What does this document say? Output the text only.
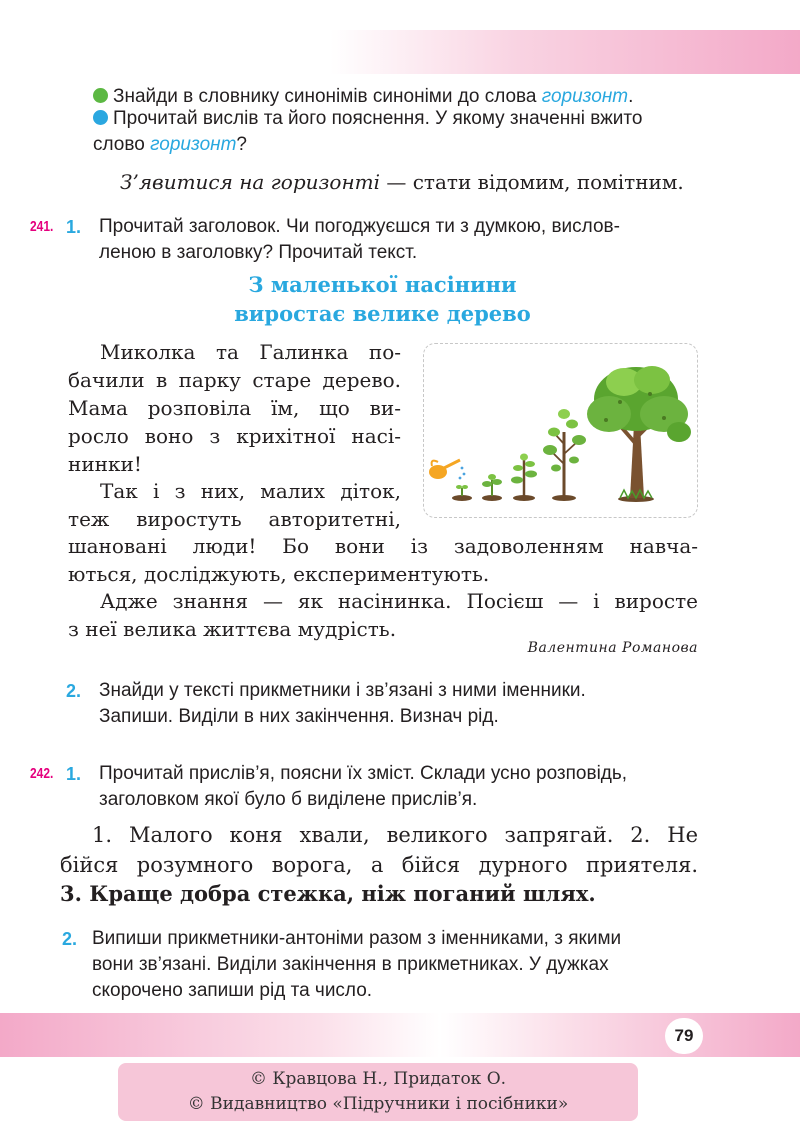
Знайди в словнику синонімів синоніми до слова горизонт.
Прочитай вислів та його пояснення. У якому значенні вжито
слово горизонт?
З’явитися на горизонті — стати відомим, помітним.
241. 1. Прочитай заголовок. Чи погоджуєшся ти з думкою, вислов-
леною в заголовку? Прочитай текст.
З маленької насінини
виростає велике дерево
Миколка та Галинка по-
бачили в парку старе дерево.
Мама розповіла їм, що ви-
росло воно з крихітної насі-
нинки!
Так і з них, малих діток,
теж виростуть авторитетні,
шановані люди! Бо вони із задоволенням навча-
ються, досліджують, експериментують.
Адже знання — як насінинка. Посієш — і виросте
з неї велика життєва мудрість.
Валентина Романова
2. Знайди у тексті прикметники і зв’язані з ними іменники.
Запиши. Виділи в них закінчення. Визнач рід.
242. 1. Прочитай прислів’я, поясни їх зміст. Склади усно розповідь,
заголовком якої було б виділене прислів’я.
1. Малого коня хвали, великого запрягай. 2. Не
бійся розумного ворога, а бійся дурного приятеля.
3. Краще добра стежка, ніж поганий шлях.
2. Випиши прикметники-антоніми разом з іменниками, з якими
вони зв’язані. Виділи закінчення в прикметниках. У дужках
скорочено запиши рід та число.
79
© Кравцова Н., Придаток О.
© Видавництво «Підручники і посібники»
